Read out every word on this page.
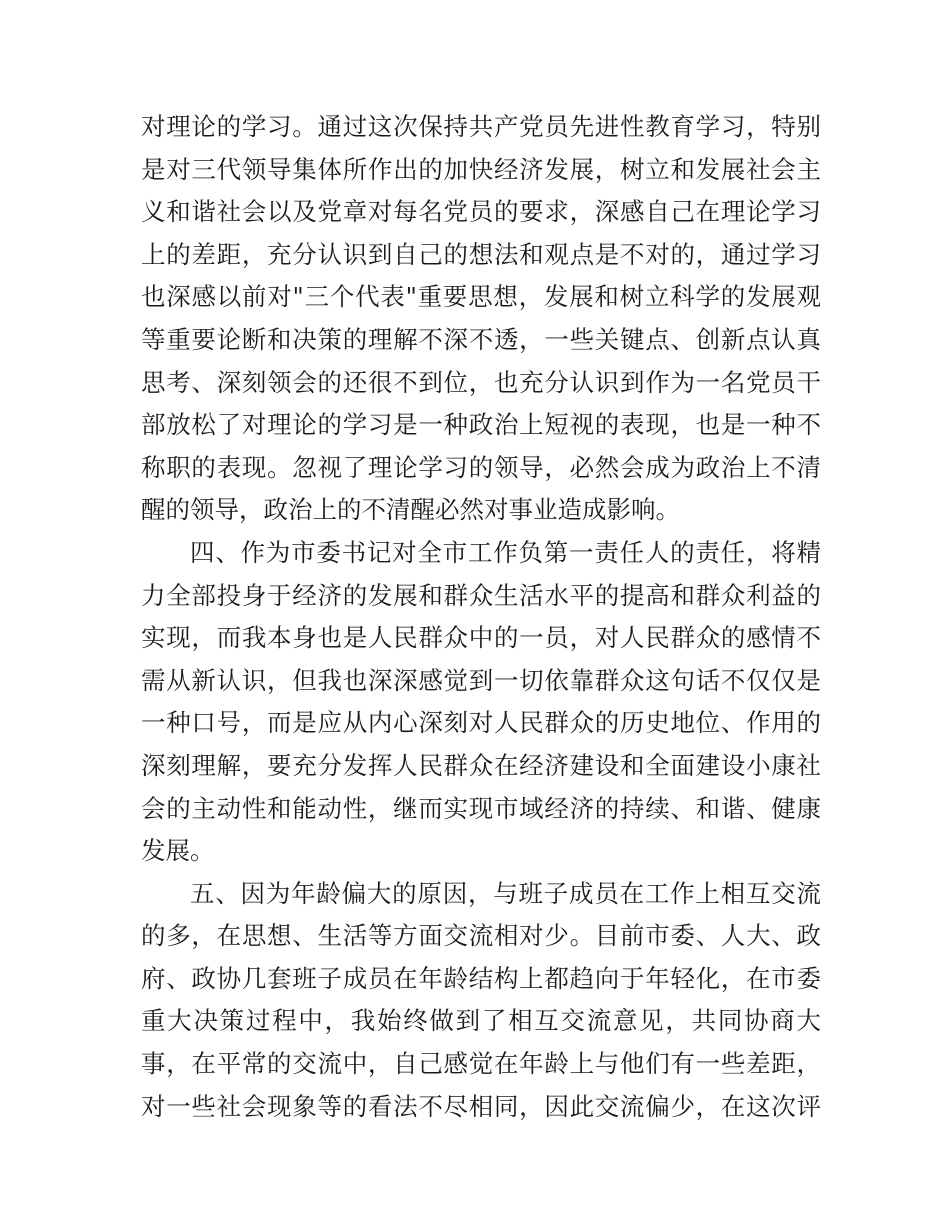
对理论的学习。通过这次保持共产党员先进性教育学习，特别
是对三代领导集体所作出的加快经济发展，树立和发展社会主
义和谐社会以及党章对每名党员的要求，深感自己在理论学习
上的差距，充分认识到自己的想法和观点是不对的，通过学习
也深感以前对"三个代表"重要思想，发展和树立科学的发展观
等重要论断和决策的理解不深不透，一些关键点、创新点认真
思考、深刻领会的还很不到位，也充分认识到作为一名党员干
部放松了对理论的学习是一种政治上短视的表现，也是一种不
称职的表现。忽视了理论学习的领导，必然会成为政治上不清
醒的领导，政治上的不清醒必然对事业造成影响。
四、作为市委书记对全市工作负第一责任人的责任，将精
力全部投身于经济的发展和群众生活水平的提高和群众利益的
实现，而我本身也是人民群众中的一员，对人民群众的感情不
需从新认识，但我也深深感觉到一切依靠群众这句话不仅仅是
一种口号，而是应从内心深刻对人民群众的历史地位、作用的
深刻理解，要充分发挥人民群众在经济建设和全面建设小康社
会的主动性和能动性，继而实现市域经济的持续、和谐、健康
发展。
五、因为年龄偏大的原因，与班子成员在工作上相互交流
的多，在思想、生活等方面交流相对少。目前市委、人大、政
府、政协几套班子成员在年龄结构上都趋向于年轻化，在市委
重大决策过程中，我始终做到了相互交流意见，共同协商大
事，在平常的交流中，自己感觉在年龄上与他们有一些差距，
对一些社会现象等的看法不尽相同，因此交流偏少，在这次评
